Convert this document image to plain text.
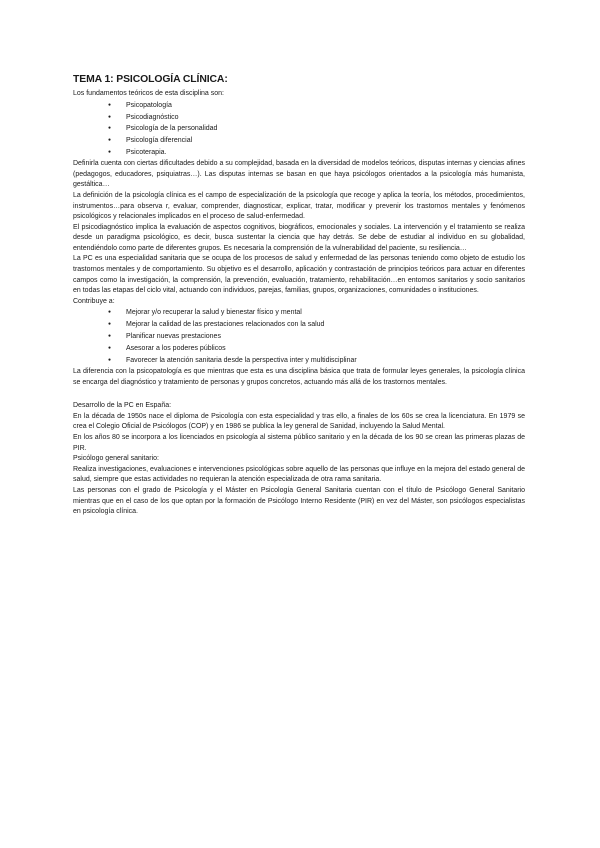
TEMA 1: PSICOLOGÍA CLÍNICA:

Los fundamentos teóricos de esta disciplina son:

● Psicopatología
● Psicodiagnóstico
● Psicología de la personalidad
● Psicología diferencial
● Psicoterapia.

Definirla cuenta con ciertas dificultades debido a su complejidad, basada en la diversidad de modelos teóricos, disputas internas y ciencias afines (pedagogos, educadores, psiquiatras…). Las disputas internas se basan en que haya psicólogos orientados a la psicología más humanista, gestáltica…

La definición de la psicología clínica es el campo de especialización de la psicología que recoge y aplica la teoría, los métodos, procedimientos, instrumentos…para observa r, evaluar, comprender, diagnosticar, explicar, tratar, modificar y prevenir los trastornos mentales y fenómenos psicológicos y relacionales implicados en el proceso de salud-enfermedad.

El psicodiagnóstico implica la evaluación de aspectos cognitivos, biográficos, emocionales y sociales. La intervención y el tratamiento se realiza desde un paradigma psicológico, es decir, busca sustentar la ciencia que hay detrás. Se debe de estudiar al individuo en su globalidad, entendiéndolo como parte de diferentes grupos. Es necesaria la comprensión de la vulnerabilidad del paciente, su resiliencia…

La PC es una especialidad sanitaria que se ocupa de los procesos de salud y enfermedad de las personas teniendo como objeto de estudio los trastornos mentales y de comportamiento. Su objetivo es el desarrollo, aplicación y contrastación de principios teóricos para actuar en diferentes campos como la investigación, la comprensión, la prevención, evaluación, tratamiento, rehabilitación…en entornos sanitarios y socio sanitarios en todas las etapas del ciclo vital, actuando con individuos, parejas, familias, grupos, organizaciones, comunidades o instituciones.

Contribuye a:

● Mejorar y/o recuperar la salud y bienestar físico y mental
● Mejorar la calidad de las prestaciones relacionados con la salud
● Planificar nuevas prestaciones
● Asesorar a los poderes públicos
● Favorecer la atención sanitaria desde la perspectiva inter y multidisciplinar

La diferencia con la psicopatología es que mientras que esta es una disciplina básica que trata de formular leyes generales, la psicología clínica se encarga del diagnóstico y tratamiento de personas y grupos concretos, actuando más allá de los trastornos mentales.

Desarrollo de la PC en España:

En la década de 1950s nace el diploma de Psicología con esta especialidad y tras ello, a finales de los 60s se crea la licenciatura. En 1979 se crea el Colegio Oficial de Psicólogos (COP) y en 1986 se publica la ley general de Sanidad, incluyendo la Salud Mental.

En los años 80 se incorpora a los licenciados en psicología al sistema público sanitario y en la década de los 90 se crean las primeras plazas de PIR.

Psicólogo general sanitario:

Realiza investigaciones, evaluaciones e intervenciones psicológicas sobre aquello de las personas que influye en la mejora del estado general de salud, siempre que estas actividades no requieran la atención especializada de otra rama sanitaria.

Las personas con el grado de Psicología y el Máster en Psicología General Sanitaria cuentan con el título de Psicólogo General Sanitario mientras que en el caso de los que optan por la formación de Psicólogo Interno Residente (PIR) en vez del Máster, son psicólogos especialistas en psicología clínica.
